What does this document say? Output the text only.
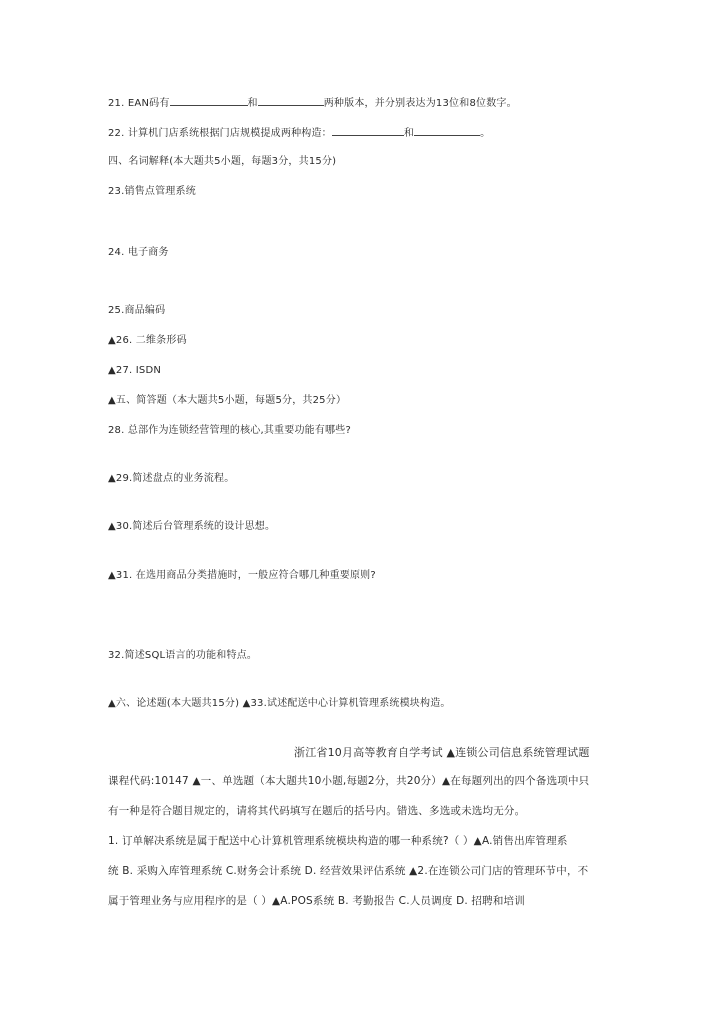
21. EAN码有	和	两种版本，并分别表达为13位和8位数字。
22. 计算机门店系统根据门店规模提成两种构造：	和	。
四、名词解释(本大题共5小题，每题3分，共15分)
23.销售点管理系统
24. 电子商务
25.商品编码
▲26. 二维条形码
▲27. ISDN
▲五、简答题（本大题共5小题，每题5分，共25分）
28. 总部作为连锁经营管理的核心,其重要功能有哪些?
▲29.简述盘点的业务流程。
▲30.简述后台管理系统的设计思想。
▲31. 在选用商品分类措施时，一般应符合哪几种重要原则?
32.简述SQL语言的功能和特点。
▲六、论述题(本大题共15分) ▲33.试述配送中心计算机管理系统模块构造。
浙江省10月高等教育自学考试 ▲连锁公司信息系统管理试题
课程代码:10147 ▲一、单选题（本大题共10小题,每题2分，共20分）▲在每题列出的四个备选项中只
有一种是符合题目规定的，请将其代码填写在题后的括号内。错选、多选或未选均无分。
1. 订单解决系统是属于配送中心计算机管理系统模块构造的哪一种系统?（ ）▲A.销售出库管理系
统 B. 采购入库管理系统 C.财务会计系统 D. 经营效果评估系统 ▲2.在连锁公司门店的管理环节中，不
属于管理业务与应用程序的是（ ）▲A.POS系统 B. 考勤报告 C.人员调度 D. 招聘和培训
